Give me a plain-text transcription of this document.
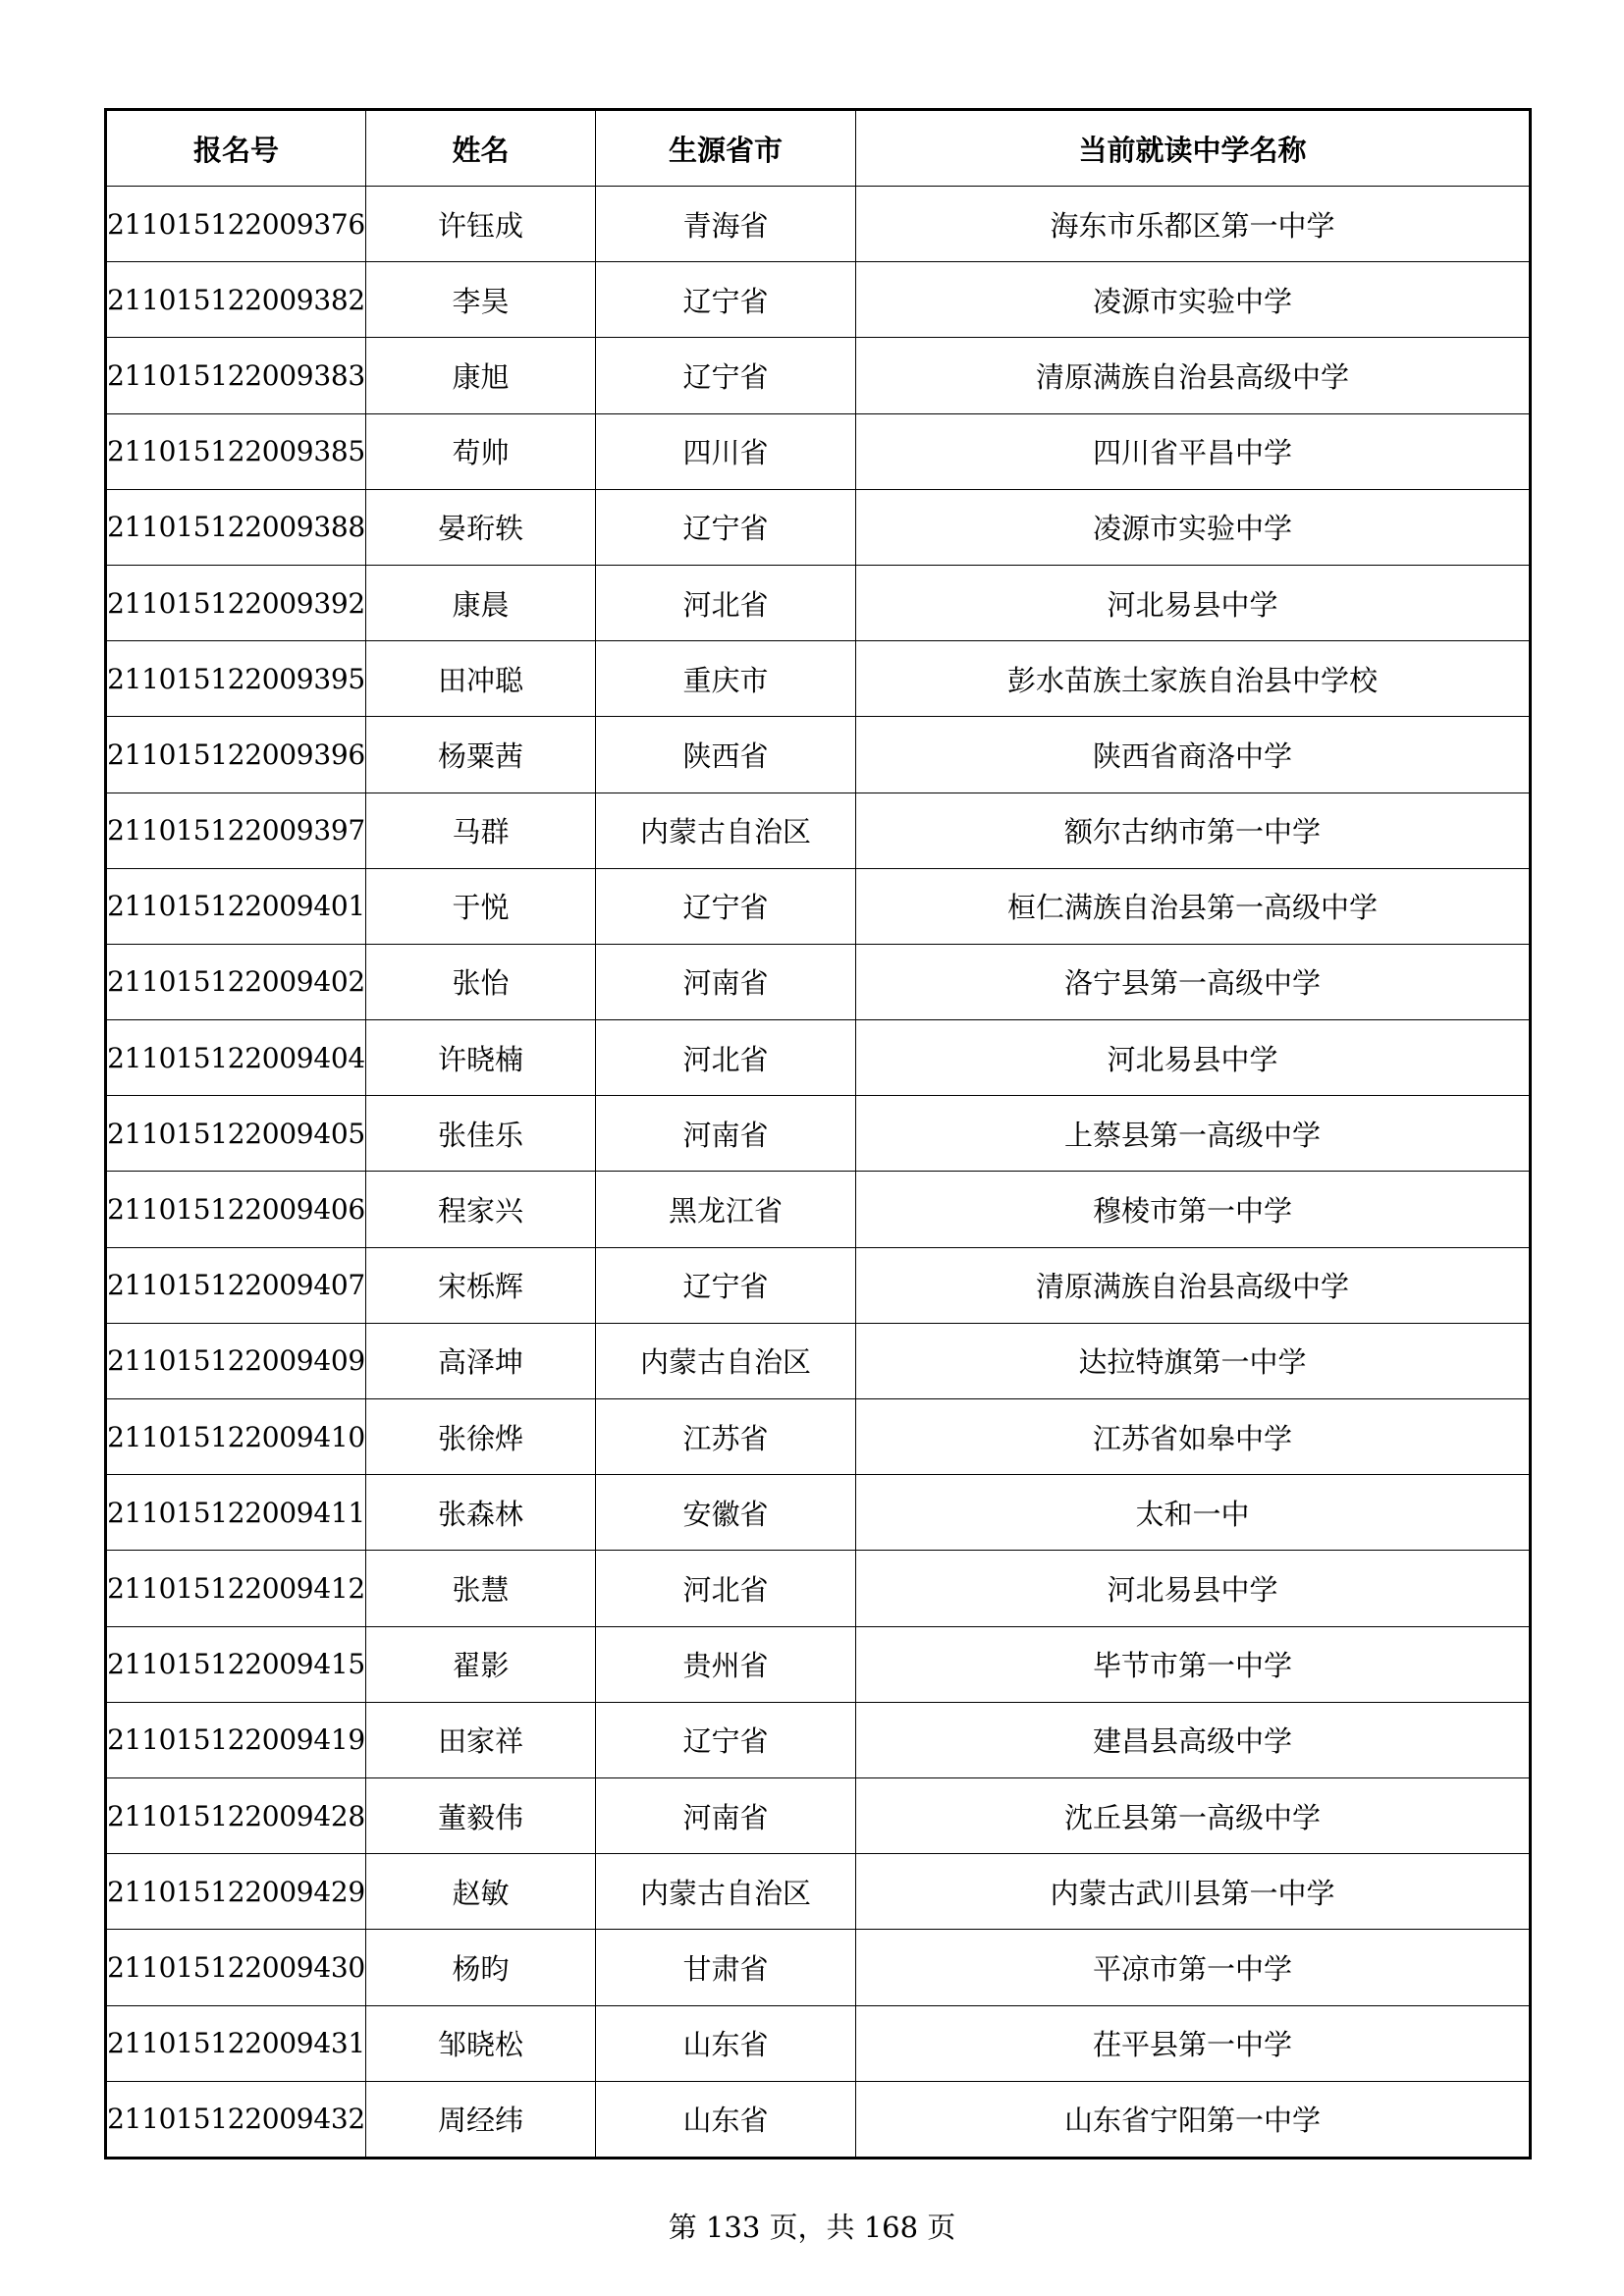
报名号	姓名	生源省市	当前就读中学名称
211015122009376	许钰成	青海省	海东市乐都区第一中学
211015122009382	李昊	辽宁省	凌源市实验中学
211015122009383	康旭	辽宁省	清原满族自治县高级中学
211015122009385	苟帅	四川省	四川省平昌中学
211015122009388	晏珩轶	辽宁省	凌源市实验中学
211015122009392	康晨	河北省	河北易县中学
211015122009395	田冲聪	重庆市	彭水苗族土家族自治县中学校
211015122009396	杨粟茜	陕西省	陕西省商洛中学
211015122009397	马群	内蒙古自治区	额尔古纳市第一中学
211015122009401	于悦	辽宁省	桓仁满族自治县第一高级中学
211015122009402	张怡	河南省	洛宁县第一高级中学
211015122009404	许晓楠	河北省	河北易县中学
211015122009405	张佳乐	河南省	上蔡县第一高级中学
211015122009406	程家兴	黑龙江省	穆棱市第一中学
211015122009407	宋栎辉	辽宁省	清原满族自治县高级中学
211015122009409	高泽坤	内蒙古自治区	达拉特旗第一中学
211015122009410	张徐烨	江苏省	江苏省如皋中学
211015122009411	张森林	安徽省	太和一中
211015122009412	张慧	河北省	河北易县中学
211015122009415	翟影	贵州省	毕节市第一中学
211015122009419	田家祥	辽宁省	建昌县高级中学
211015122009428	董毅伟	河南省	沈丘县第一高级中学
211015122009429	赵敏	内蒙古自治区	内蒙古武川县第一中学
211015122009430	杨昀	甘肃省	平凉市第一中学
211015122009431	邹晓松	山东省	茌平县第一中学
211015122009432	周经纬	山东省	山东省宁阳第一中学
第 133 页，共 168 页
